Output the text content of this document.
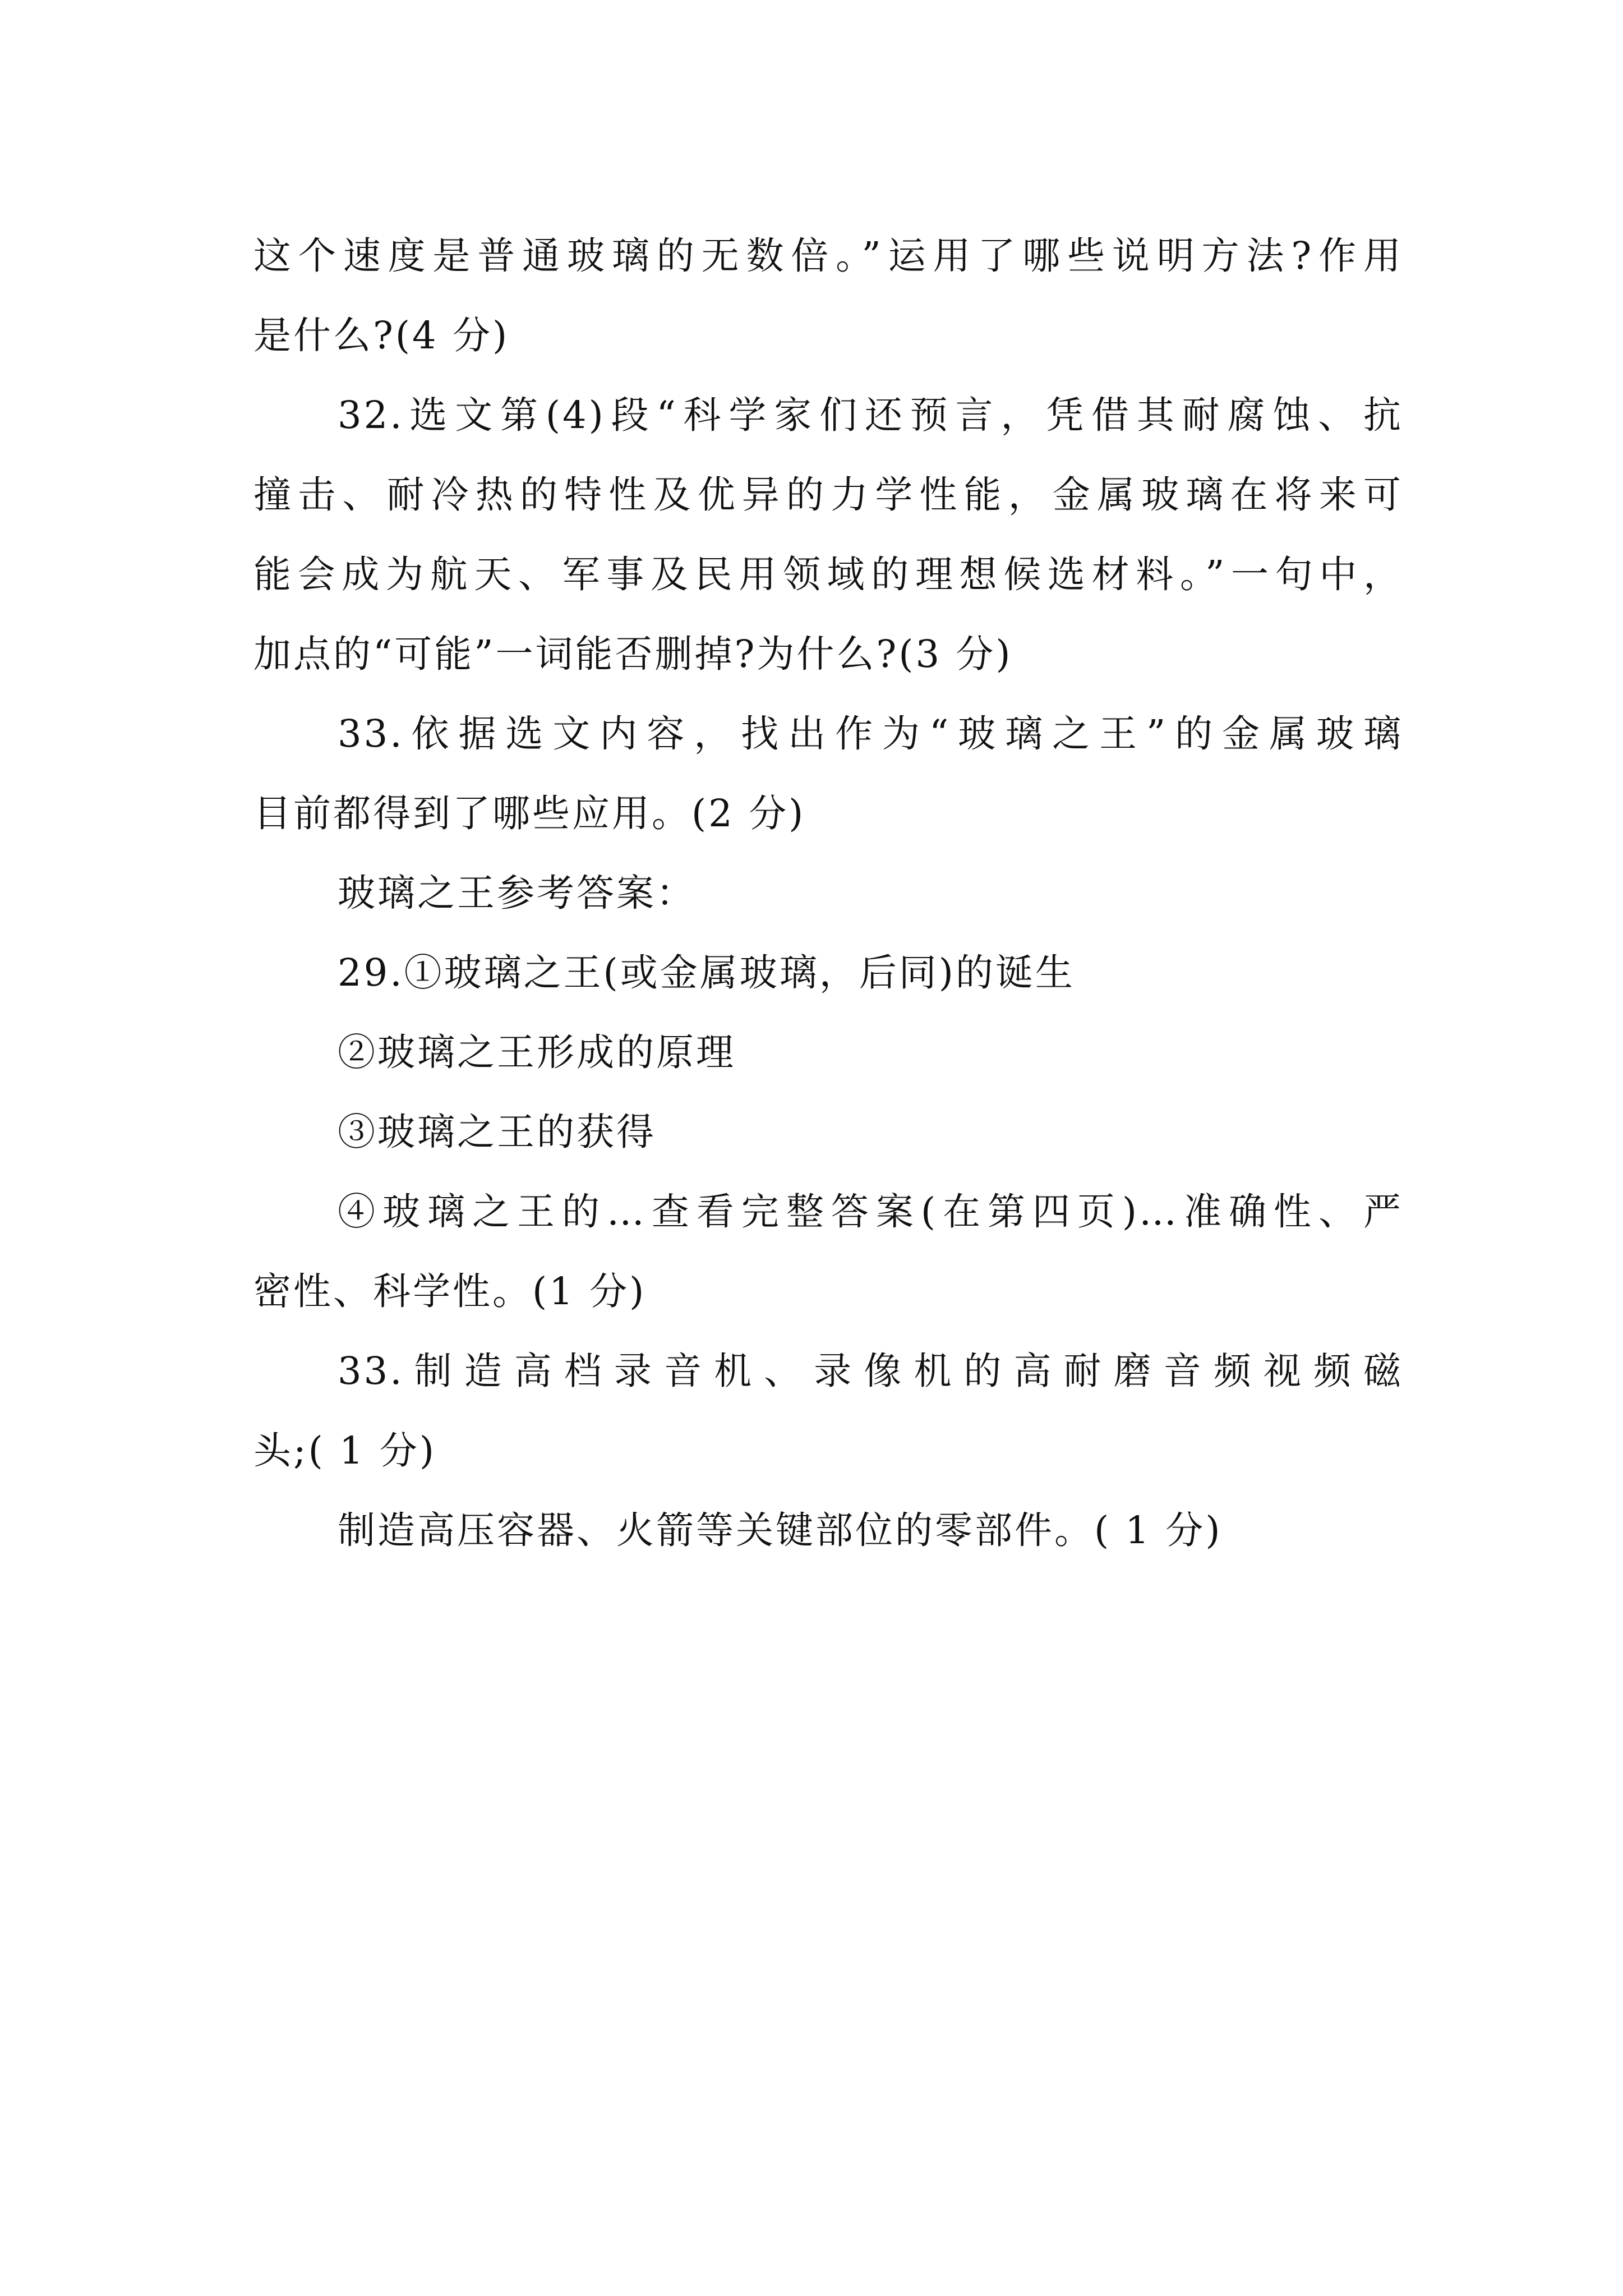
这个速度是普通玻璃的无数倍。”运用了哪些说明方法?作用

是什么?(4 分)

32.选文第(4)段“科学家们还预言，凭借其耐腐蚀、抗

撞击、耐冷热的特性及优异的力学性能，金属玻璃在将来可

能会成为航天、军事及民用领域的理想候选材料。”一句中，

加点的“可能”一词能否删掉?为什么?(3 分)

33.依据选文内容，找出作为“玻璃之王”的金属玻璃

目前都得到了哪些应用。(2 分)

玻璃之王参考答案：

29.①玻璃之王(或金属玻璃，后同)的诞生

②玻璃之王形成的原理

③玻璃之王的获得

④玻璃之王的…查看完整答案(在第四页)…准确性、严

密性、科学性。(1 分)

33.制造高档录音机、录像机的高耐磨音频视频磁

头;( 1 分)

制造高压容器、火箭等关键部位的零部件。( 1 分)
